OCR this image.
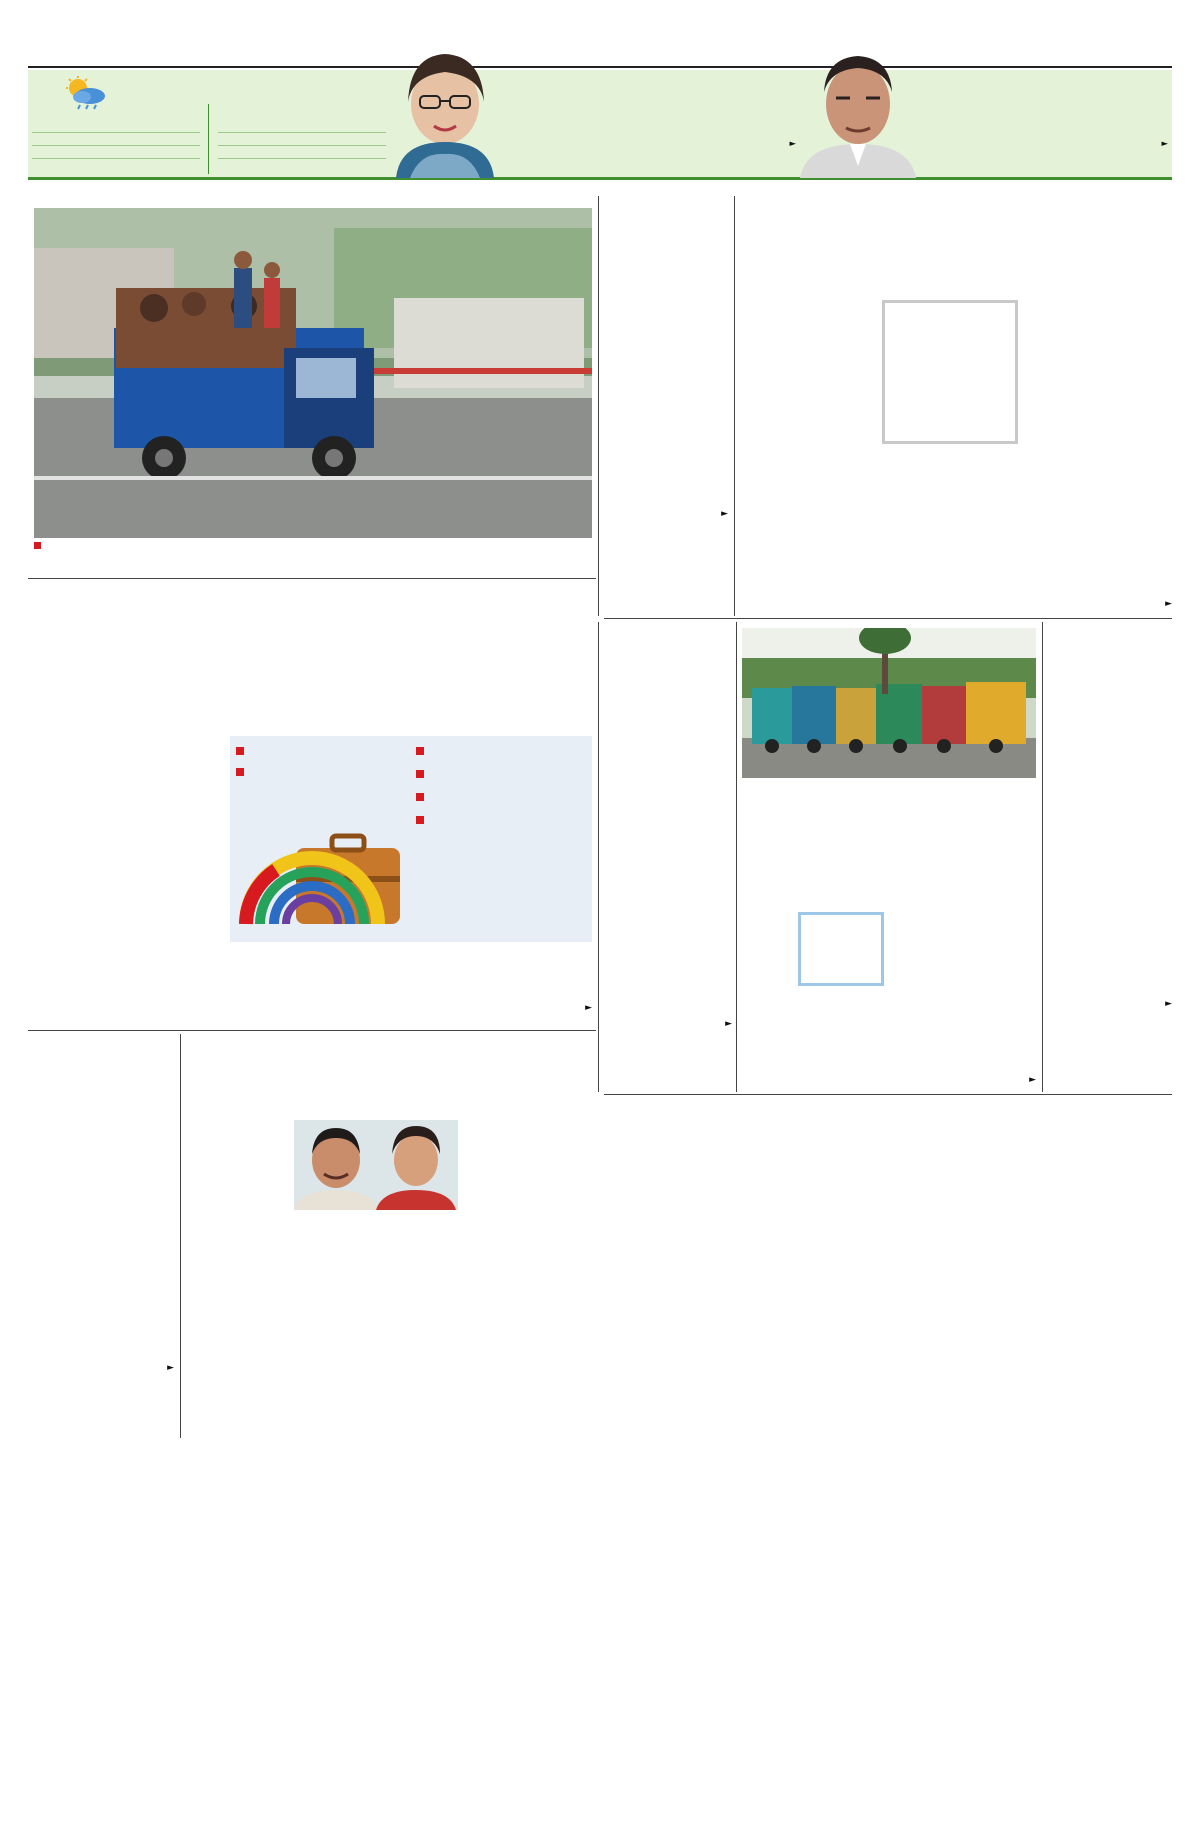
►	►
►
►
►
►
►
►
►
